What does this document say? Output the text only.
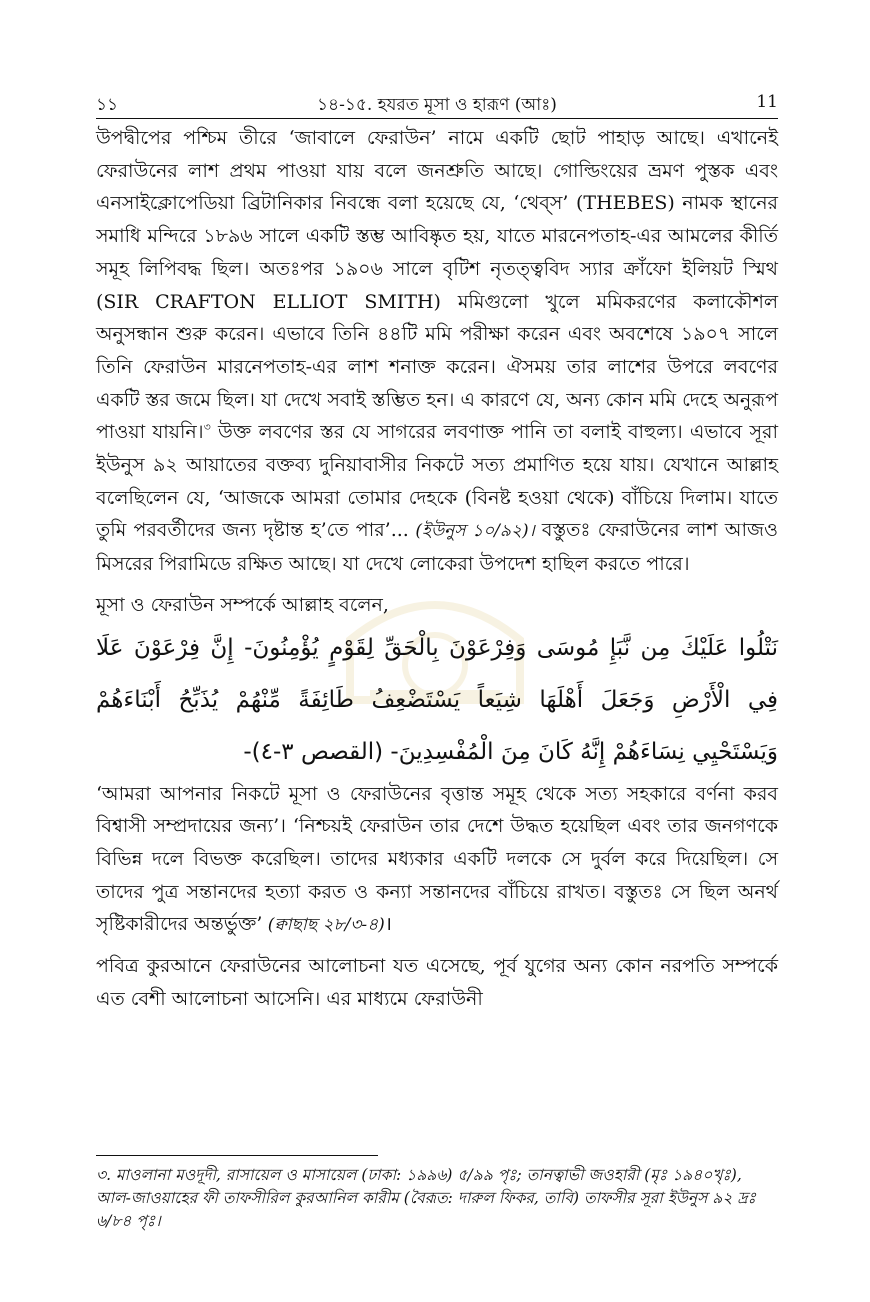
১১	১৪-১৫. হযরত মূসা ও হারূণ (আঃ)	11

উপদ্বীপের পশ্চিম তীরে ‘জাবালে ফেরাউন’ নামে একটি ছোট পাহাড় আছে। এখানেই ফেরাউনের লাশ প্রথম পাওয়া যায় বলে জনশ্রুতি আছে। গোল্ডিংয়ের ভ্রমণ পুস্তক এবং এনসাইক্লোপেডিয়া ব্রিটানিকার নিবন্ধে বলা হয়েছে যে, ‘থেব্স’ (THEBES) নামক স্থানের সমাধি মন্দিরে ১৮৯৬ সালে একটি স্তম্ভ আবিষ্কৃত হয়, যাতে মারনেপতাহ-এর আমলের কীর্তি সমূহ লিপিবদ্ধ ছিল। অতঃপর ১৯০৬ সালে বৃটিশ নৃতত্ত্ববিদ স্যার ক্রাঁফো ইলিয়ট স্মিথ (SIR CRAFTON ELLIOT SMITH) মমিগুলো খুলে মমিকরণের কলাকৌশল অনুসন্ধান শুরু করেন। এভাবে তিনি ৪৪টি মমি পরীক্ষা করেন এবং অবশেষে ১৯০৭ সালে তিনি ফেরাউন মারনেপতাহ-এর লাশ শনাক্ত করেন। ঐসময় তার লাশের উপরে লবণের একটি স্তর জমে ছিল। যা দেখে সবাই স্তম্ভিত হন। এ কারণে যে, অন্য কোন মমি দেহে অনুরূপ পাওয়া যায়নি।$^৩$ উক্ত লবণের স্তর যে সাগরের লবণাক্ত পানি তা বলাই বাহুল্য। এভাবে সূরা ইউনুস ৯২ আয়াতের বক্তব্য দুনিয়াবাসীর নিকটে সত্য প্রমাণিত হয়ে যায়। যেখানে আল্লাহ বলেছিলেন যে, ‘আজকে আমরা তোমার দেহকে (বিনষ্ট হওয়া থেকে) বাঁচিয়ে দিলাম। যাতে তুমি পরবর্তীদের জন্য দৃষ্টান্ত হ’তে পার’... (ইউনুস ১০/৯২)। বস্তুতঃ ফেরাউনের লাশ আজও মিসরের পিরামিডে রক্ষিত আছে। যা দেখে লোকেরা উপদেশ হাছিল করতে পারে।

মূসা ও ফেরাউন সম্পর্কে আল্লাহ বলেন,

نَتْلُوا عَلَيْكَ مِن نَّبَإِ مُوسَى وَفِرْعَوْنَ بِالْحَقِّ لِقَوْمٍ يُؤْمِنُونَ- إِنَّ فِرْعَوْنَ عَلَا فِي الْأَرْضِ وَجَعَلَ أَهْلَهَا شِيَعاً يَسْتَضْعِفُ طَائِفَةً مِّنْهُمْ يُذَبِّحُ أَبْنَاءَهُمْ وَيَسْتَحْيِي نِسَاءَهُمْ إِنَّهُ كَانَ مِنَ الْمُفْسِدِينَ- (القصص ٣-٤)-

‘আমরা আপনার নিকটে মূসা ও ফেরাউনের বৃত্তান্ত সমূহ থেকে সত্য সহকারে বর্ণনা করব বিশ্বাসী সম্প্রদায়ের জন্য’। ‘নিশ্চয়ই ফেরাউন তার দেশে উদ্ধত হয়েছিল এবং তার জনগণকে বিভিন্ন দলে বিভক্ত করেছিল। তাদের মধ্যকার একটি দলকে সে দুর্বল করে দিয়েছিল। সে তাদের পুত্র সন্তানদের হত্যা করত ও কন্যা সন্তানদের বাঁচিয়ে রাখত। বস্তুতঃ সে ছিল অনর্থ সৃষ্টিকারীদের অন্তর্ভুক্ত’ (ক্বাছাছ ২৮/৩-৪)।

পবিত্র কুরআনে ফেরাউনের আলোচনা যত এসেছে, পূর্ব যুগের অন্য কোন নরপতি সম্পর্কে এত বেশী আলোচনা আসেনি। এর মাধ্যমে ফেরাউনী

৩. মাওলানা মওদূদী, রাসায়েল ও মাসায়েল (ঢাকা: ১৯৯৬) ৫/৯৯ পৃঃ; তানত্বাভী জওহারী (মৃঃ ১৯৪০খৃঃ), আল-জাওয়াহের ফী তাফসীরিল কুরআনিল কারীম (বৈরূত: দারুল ফিকর, তাবি) তাফসীর সূরা ইউনুস ৯২ দ্রঃ ৬/৮৪ পৃঃ।
